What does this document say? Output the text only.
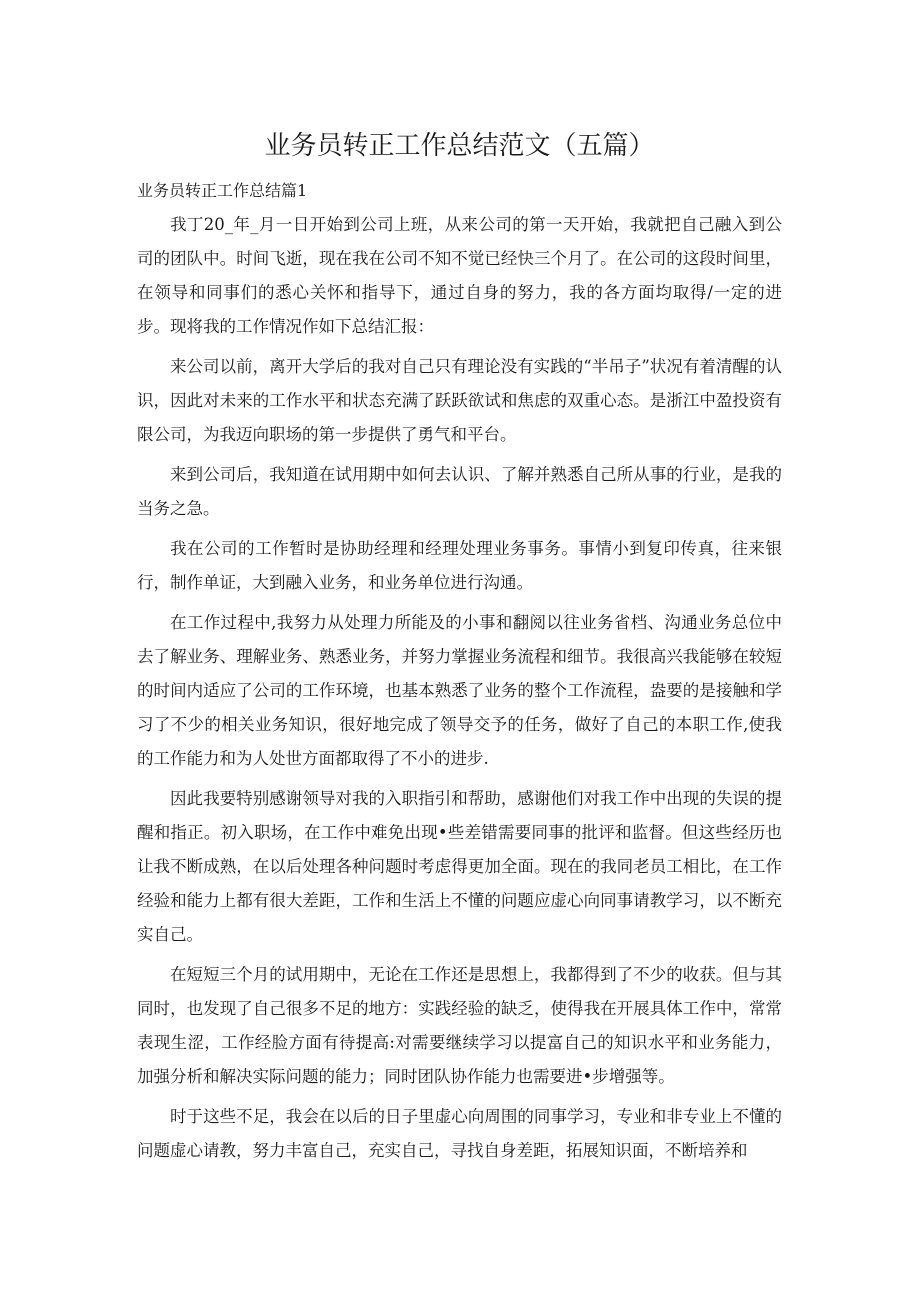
业务员转正工作总结范文（五篇）

业务员转正工作总结篇1

我丁20_年_月一日开始到公司上班，从来公司的第一天开始，我就把自己融入到公司的团队中。时间飞逝，现在我在公司不知不觉已经快三个月了。在公司的这段时间里，在领导和同事们的悉心关怀和指导下，通过自身的努力，我的各方面均取得/一定的进步。现将我的工作情况作如下总结汇报：

来公司以前，离开大学后的我对自己只有理论没有实践的“半吊子”状况有着清醒的认识，因此对未来的工作水平和状态充满了跃跃欲试和焦虑的双重心态。是浙江中盈投资有限公司，为我迈向职场的第一步提供了勇气和平台。

来到公司后，我知道在试用期中如何去认识、了解并熟悉自己所从事的行业，是我的当务之急。

我在公司的工作暂时是协助经理和经理处理业务事务。事情小到复印传真，往来银行，制作单证，大到融入业务，和业务单位进行沟通。

在工作过程中,我努力从处理力所能及的小事和翻阅以往业务省档、沟通业务总位中去了解业务、理解业务、熟悉业务，并努力掌握业务流程和细节。我很高兴我能够在较短的时间内适应了公司的工作环境，也基本熟悉了业务的整个工作流程，盎要的是接触和学习了不少的相关业务知识，很好地完成了领导交予的任务，做好了自己的本职工作,使我的工作能力和为人处世方面都取得了不小的进步.

因此我要特别感谢领导对我的入职指引和帮助，感谢他们对我工作中出现的失误的提醒和指正。初入职场，在工作中难免出现•些差错需要同事的批评和监督。但这些经历也让我不断成熟，在以后处理各种问题时考虑得更加全面。现在的我同老员工相比，在工作经验和能力上都有很大差距，工作和生活上不懂的问题应虚心向同事请教学习，以不断充实自己。

在短短三个月的试用期中，无论在工作还是思想上，我都得到了不少的收获。但与其同时，也发现了自己很多不足的地方：实践经验的缺乏，使得我在开展具体工作中，常常表现生涩，工作经脸方面有待提高:对需要继续学习以提富自己的知识水平和业务能力，加强分析和解决实际问题的能力；同时团队协作能力也需要进•步增强等。

时于这些不足，我会在以后的日子里虚心向周围的同事学习，专业和非专业上不懂的问题虚心请教，努力丰富自己，充实自己，寻找自身差距，拓展知识面，不断培养和
